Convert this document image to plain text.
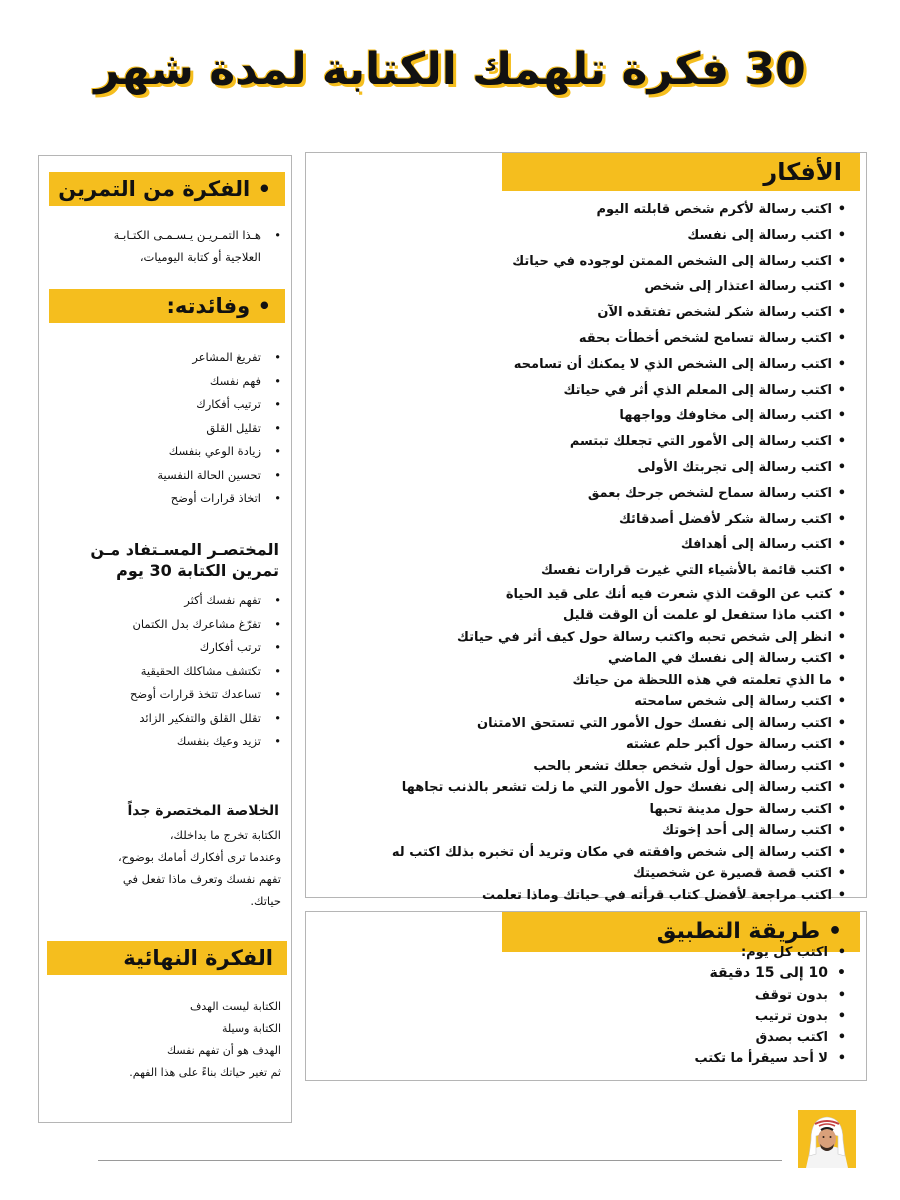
30 فكرة تلهمك الكتابة لمدة شهر
• الفكرة من التمرين
•
هـذا التمـريـن يـسـمـى الكتـابـة
العلاجية أو كتابة اليوميات،
• وفائدته:
•
تفريغ المشاعر
•
فهم نفسك
•
ترتيب أفكارك
•
تقليل القلق
•
زيادة الوعي بنفسك
•
تحسين الحالة النفسية
•
اتخاذ قرارات أوضح
المختصـر المسـتفاد مـن
تمرين الكتابة 30 يوم
•
تفهم نفسك أكثر
•
تفرّغ مشاعرك بدل الكتمان
•
ترتب أفكارك
•
تكتشف مشاكلك الحقيقية
•
تساعدك تتخذ قرارات أوضح
•
تقلل القلق والتفكير الزائد
•
تزيد وعيك بنفسك
الخلاصة المختصرة جداً
الكتابة تخرج ما بداخلك،
وعندما ترى أفكارك أمامك بوضوح،
تفهم نفسك وتعرف ماذا تفعل في
حياتك.
الفكرة النهائية
الكتابة ليست الهدف
الكتابة وسيلة
الهدف هو أن تفهم نفسك
ثم تغير حياتك بناءً على هذا الفهم.
الأفكار
•
اكتب رسالة لأكرم شخص قابلته اليوم
•
اكتب رسالة إلى نفسك
•
اكتب رسالة إلى الشخص الممتن لوجوده في حياتك
•
اكتب رسالة اعتذار إلى شخص
•
اكتب رسالة شكر لشخص تفتقده الآن
•
اكتب رسالة تسامح لشخص أخطأت بحقه
•
اكتب رسالة إلى الشخص الذي لا يمكنك أن تسامحه
•
اكتب رسالة إلى المعلم الذي أثر في حياتك
•
اكتب رسالة إلى مخاوفك وواجهها
•
اكتب رسالة إلى الأمور التي تجعلك تبتسم
•
اكتب رسالة إلى تجربتك الأولى
•
اكتب رسالة سماح لشخص جرحك بعمق
•
اكتب رسالة شكر لأفضل أصدقائك
•
اكتب رسالة إلى أهدافك
•
اكتب قائمة بالأشياء التي غيرت قرارات نفسك
•
كتب عن الوقت الذي شعرت فيه أنك على قيد الحياة
•
اكتب ماذا ستفعل لو علمت أن الوقت قليل
•
انظر إلى شخص تحبه واكتب رسالة حول كيف أثر في حياتك
•
اكتب رسالة إلى نفسك في الماضي
•
ما الذي تعلمته في هذه اللحظة من حياتك
•
اكتب رسالة إلى شخص سامحته
•
اكتب رسالة إلى نفسك حول الأمور التي تستحق الامتنان
•
اكتب رسالة حول أكبر حلم عشته
•
اكتب رسالة حول أول شخص جعلك تشعر بالحب
•
اكتب رسالة إلى نفسك حول الأمور التي ما زلت تشعر بالذنب تجاهها
•
اكتب رسالة حول مدينة تحبها
•
اكتب رسالة إلى أحد إخوتك
•
اكتب رسالة إلى شخص وافقته في مكان وتريد أن تخبره بذلك اكتب له
•
اكتب قصة قصيرة عن شخصيتك
•
اكتب مراجعة لأفضل كتاب قرأته في حياتك وماذا تعلمت
• طريقة التطبيق
•
اكتب كل يوم:
•
10 إلى 15 دقيقة
•
بدون توقف
•
بدون ترتيب
•
اكتب بصدق
•
لا أحد سيقرأ ما تكتب
